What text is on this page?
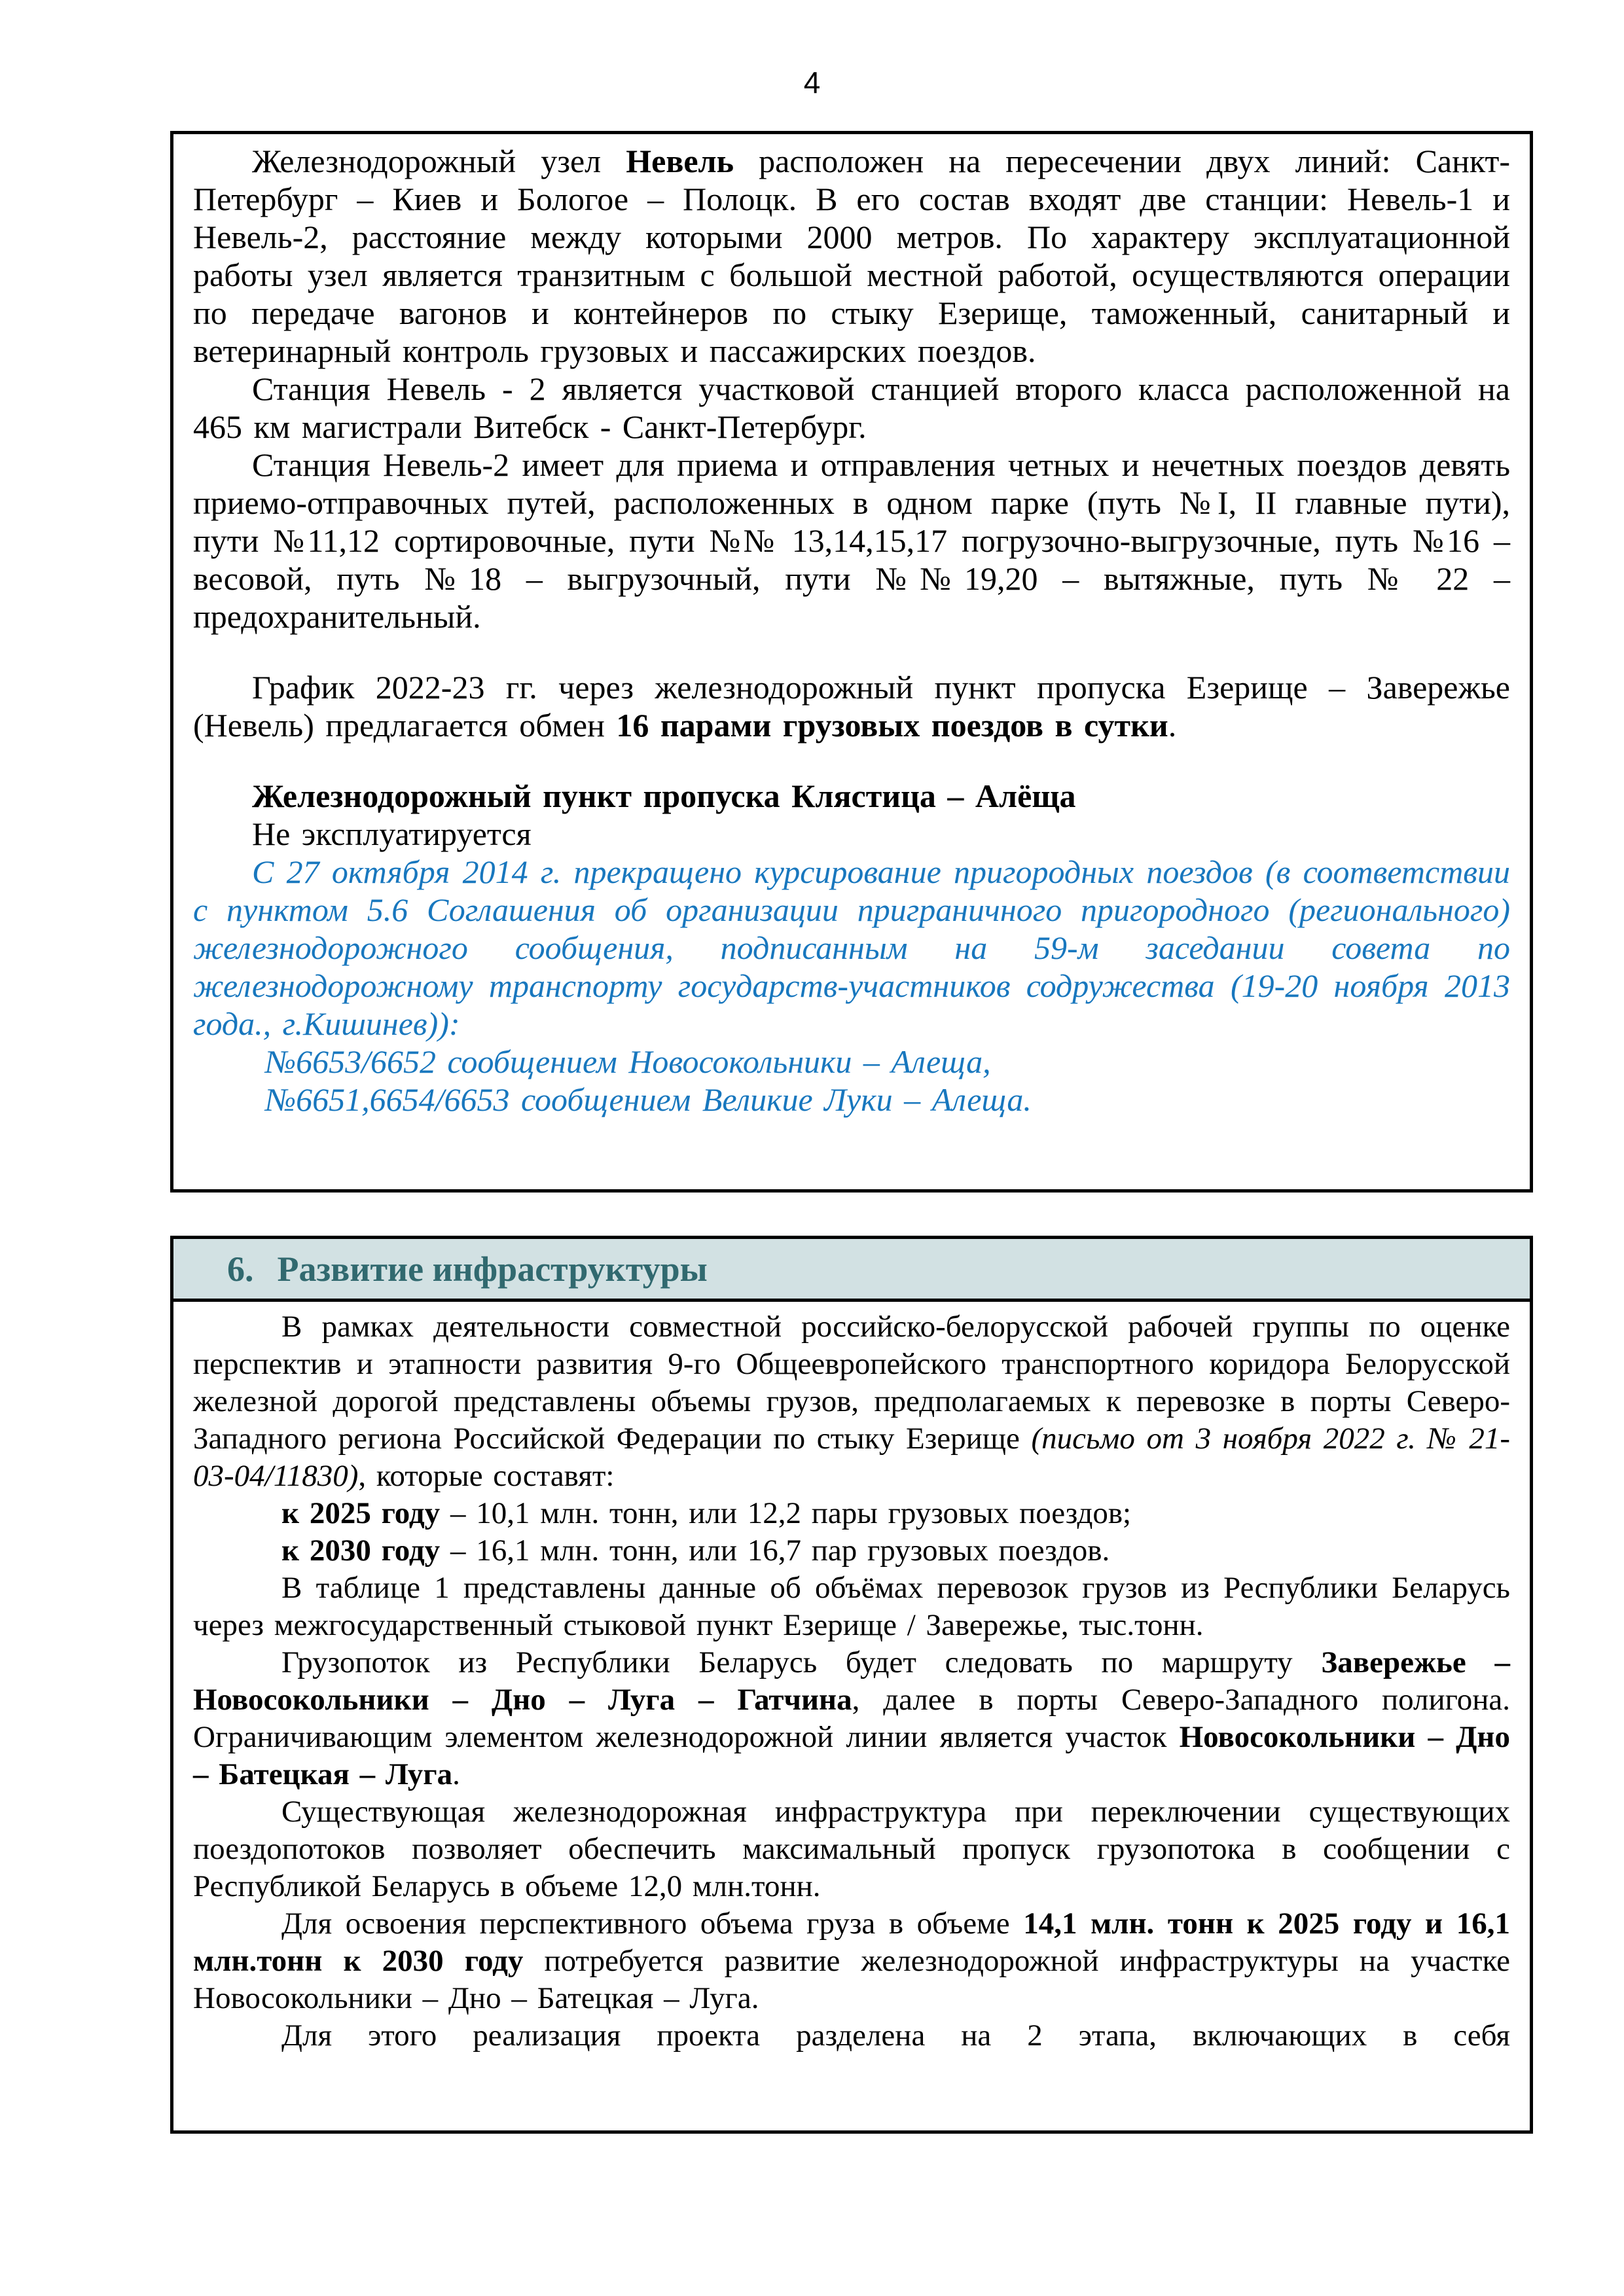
4

Железнодорожный узел Невель расположен на пересечении двух линий: Санкт-Петербург – Киев и Бологое – Полоцк. В его состав входят две станции: Невель-1 и Невель-2, расстояние между которыми 2000 метров. По характеру эксплуатационной работы узел является транзитным с большой местной работой, осуществляются операции по передаче вагонов и контейнеров по стыку Езерище, таможенный, санитарный и ветеринарный контроль грузовых и пассажирских поездов.

Станция Невель - 2 является участковой станцией второго класса расположенной на 465 км магистрали Витебск - Санкт-Петербург.

Станция Невель-2 имеет для приема и отправления четных и нечетных поездов девять приемо-отправочных путей, расположенных в одном парке (путь №I, II главные пути), пути №11,12 сортировочные, пути №№ 13,14,15,17 погрузочно-выгрузочные, путь №16 – весовой, путь №18 – выгрузочный, пути №№19,20 – вытяжные, путь № 22 – предохранительный.

График 2022-23 гг. через железнодорожный пункт пропуска Езерище – Завережье (Невель) предлагается обмен 16 парами грузовых поездов в сутки.

Железнодорожный пункт пропуска Клястица – Алёща

Не эксплуатируется

С 27 октября 2014 г. прекращено курсирование пригородных поездов (в соответствии с пунктом 5.6 Соглашения об организации приграничного пригородного (регионального) железнодорожного сообщения, подписанным на 59-м заседании совета по железнодорожному транспорту государств-участников содружества (19-20 ноября 2013 года., г.Кишинев)):

№6653/6652 сообщением Новосокольники – Алеща,

№6651,6654/6653 сообщением Великие Луки – Алеща.

6. Развитие инфраструктуры

В рамках деятельности совместной российско-белорусской рабочей группы по оценке перспектив и этапности развития 9-го Общеевропейского транспортного коридора Белорусской железной дорогой представлены объемы грузов, предполагаемых к перевозке в порты Северо-Западного региона Российской Федерации по стыку Езерище (письмо от 3 ноября 2022 г. № 21-03-04/11830), которые составят:

к 2025 году – 10,1 млн. тонн, или 12,2 пары грузовых поездов;

к 2030 году – 16,1 млн. тонн, или 16,7 пар грузовых поездов.

В таблице 1 представлены данные об объёмах перевозок грузов из Республики Беларусь через межгосударственный стыковой пункт Езерище / Завережье, тыс.тонн.

Грузопоток из Республики Беларусь будет следовать по маршруту Завережье – Новосокольники – Дно – Луга – Гатчина, далее в порты Северо-Западного полигона. Ограничивающим элементом железнодорожной линии является участок Новосокольники – Дно – Батецкая – Луга.

Существующая железнодорожная инфраструктура при переключении существующих поездопотоков позволяет обеспечить максимальный пропуск грузопотока в сообщении с Республикой Беларусь в объеме 12,0 млн.тонн.

Для освоения перспективного объема груза в объеме 14,1 млн. тонн к 2025 году и 16,1 млн.тонн к 2030 году потребуется развитие железнодорожной инфраструктуры на участке Новосокольники – Дно – Батецкая – Луга.

Для этого реализация проекта разделена на 2 этапа, включающих в себя
